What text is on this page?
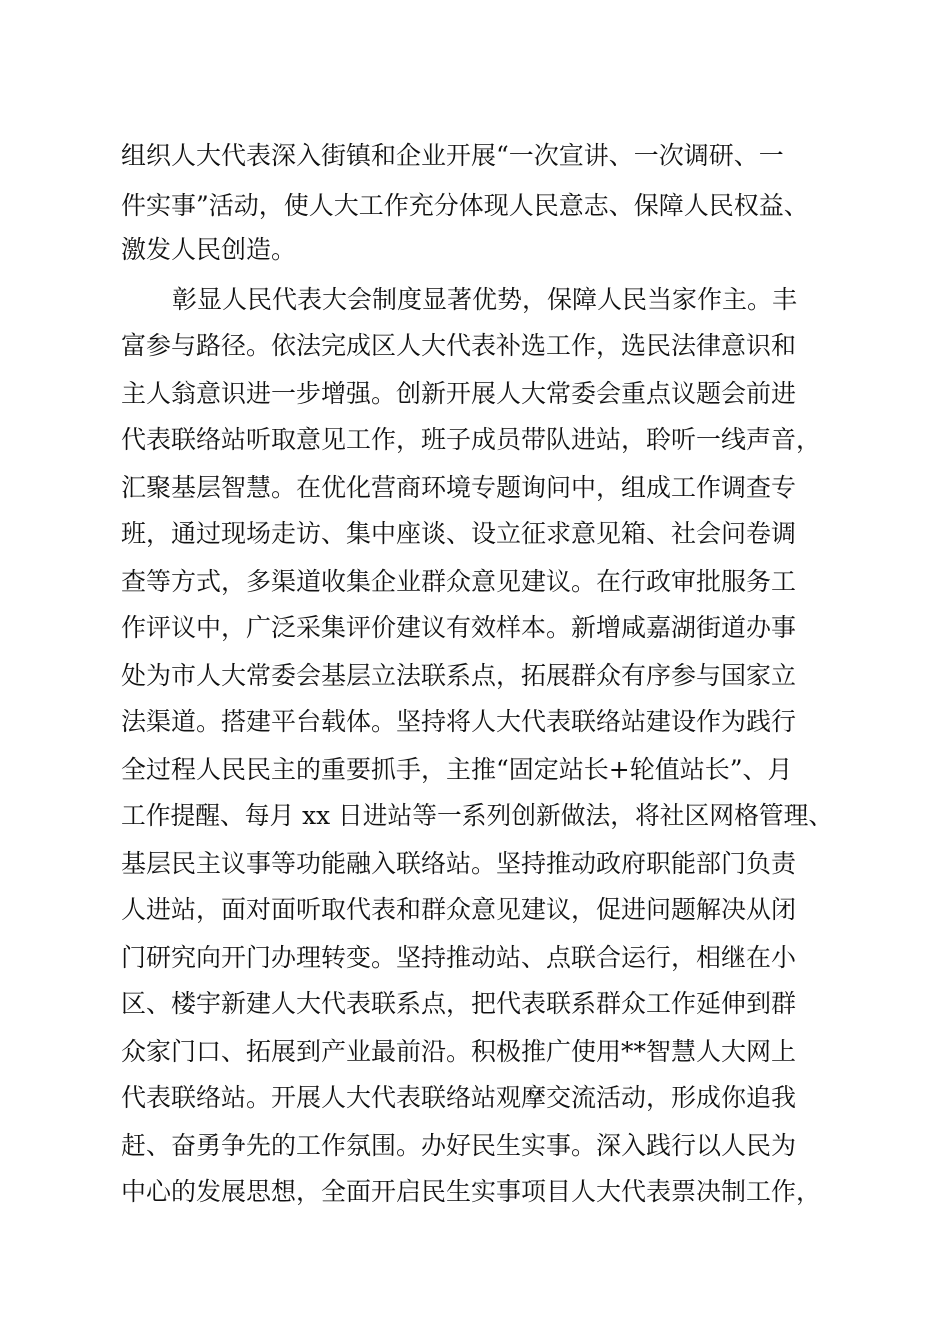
组织人大代表深入街镇和企业开展“一次宣讲、一次调研、一
件实事”活动，使人大工作充分体现人民意志、保障人民权益、
激发人民创造。
彰显人民代表大会制度显著优势，保障人民当家作主。丰
富参与路径。依法完成区人大代表补选工作，选民法律意识和
主人翁意识进一步增强。创新开展人大常委会重点议题会前进
代表联络站听取意见工作，班子成员带队进站，聆听一线声音，
汇聚基层智慧。在优化营商环境专题询问中，组成工作调查专
班，通过现场走访、集中座谈、设立征求意见箱、社会问卷调
查等方式，多渠道收集企业群众意见建议。在行政审批服务工
作评议中，广泛采集评价建议有效样本。新增咸嘉湖街道办事
处为市人大常委会基层立法联系点，拓展群众有序参与国家立
法渠道。搭建平台载体。坚持将人大代表联络站建设作为践行
全过程人民民主的重要抓手，主推“固定站长+轮值站长”、月
工作提醒、每月 xx 日进站等一系列创新做法，将社区网格管理、
基层民主议事等功能融入联络站。坚持推动政府职能部门负责
人进站，面对面听取代表和群众意见建议，促进问题解决从闭
门研究向开门办理转变。坚持推动站、点联合运行，相继在小
区、楼宇新建人大代表联系点，把代表联系群众工作延伸到群
众家门口、拓展到产业最前沿。积极推广使用**智慧人大网上
代表联络站。开展人大代表联络站观摩交流活动，形成你追我
赶、奋勇争先的工作氛围。办好民生实事。深入践行以人民为
中心的发展思想，全面开启民生实事项目人大代表票决制工作，
